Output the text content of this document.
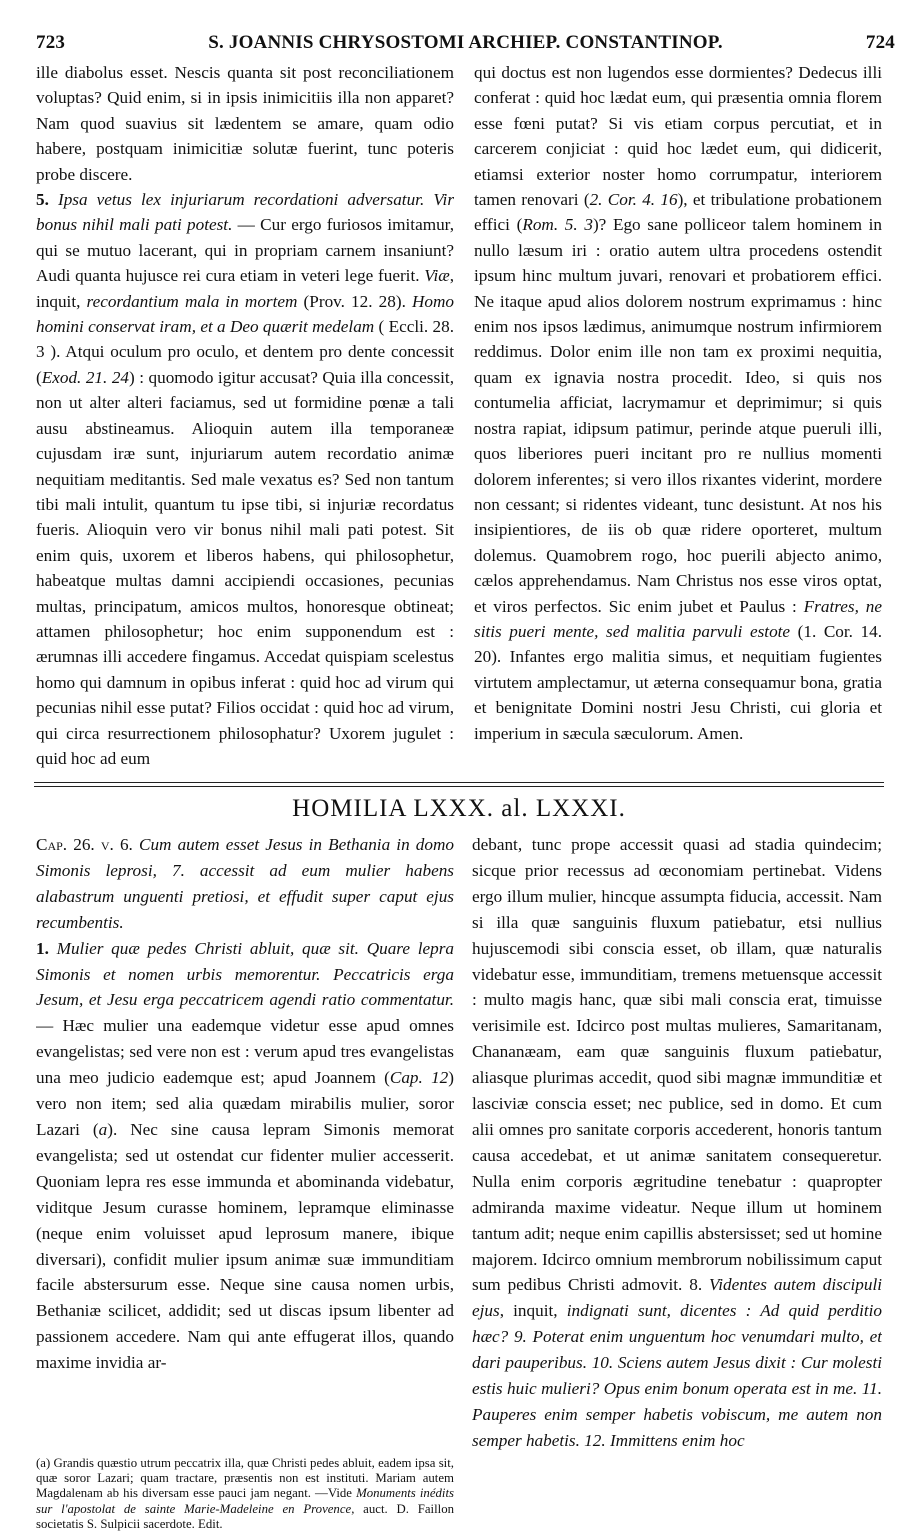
723	S. JOANNIS CHRYSOSTOMI ARCHIEP. CONSTANTINOP.	724

ille diabolus esset. Nescis quanta sit post reconciliationem voluptas? Quid enim, si in ipsis inimicitiis illa non apparet? Nam quod suavius sit lædentem se amare, quam odio habere, postquam inimicitiæ solutæ fuerint, tunc poteris probe discere.

5. Ipsa vetus lex injuriarum recordationi adversatur. Vir bonus nihil mali pati potest. — Cur ergo furiosos imitamur, qui se mutuo lacerant, qui in propriam carnem insaniunt? Audi quanta hujusce rei cura etiam in veteri lege fuerit. Viæ, inquit, recordantium mala in mortem (Prov. 12. 28). Homo homini conservat iram, et a Deo quærit medelam ( Eccli. 28. 3 ). Atqui oculum pro oculo, et dentem pro dente concessit (Exod. 21. 24) : quomodo igitur accusat? Quia illa concessit, non ut alter alteri faciamus, sed ut formidine pœnæ a tali ausu abstineamus. Alioquin autem illa temporaneæ cujusdam iræ sunt, injuriarum autem recordatio animæ nequitiam meditantis. Sed male vexatus es? Sed non tantum tibi mali intulit, quantum tu ipse tibi, si injuriæ recordatus fueris. Alioquin vero vir bonus nihil mali pati potest. Sit enim quis, uxorem et liberos habens, qui philosophetur, habeatque multas damni accipiendi occasiones, pecunias multas, principatum, amicos multos, honoresque obtineat; attamen philosophetur; hoc enim supponendum est : ærumnas illi accedere fingamus. Accedat quispiam scelestus homo qui damnum in opibus inferat : quid hoc ad virum qui pecunias nihil esse putat? Filios occidat : quid hoc ad virum, qui circa resurrectionem philosophatur? Uxorem jugulet : quid hoc ad eum

qui doctus est non lugendos esse dormientes? Dedecus illi conferat : quid hoc lædat eum, qui præsentia omnia florem esse fœni putat? Si vis etiam corpus percutiat, et in carcerem conjiciat : quid hoc lædet eum, qui didicerit, etiamsi exterior noster homo corrumpatur, interiorem tamen renovari (2. Cor. 4. 16), et tribulatione probationem effici (Rom. 5. 3)? Ego sane polliceor talem hominem in nullo læsum iri : oratio autem ultra procedens ostendit ipsum hinc multum juvari, renovari et probatiorem effici. Ne itaque apud alios dolorem nostrum exprimamus : hinc enim nos ipsos lædimus, animumque nostrum infirmiorem reddimus. Dolor enim ille non tam ex proximi nequitia, quam ex ignavia nostra procedit. Ideo, si quis nos contumelia afficiat, lacrymamur et deprimimur; si quis nostra rapiat, idipsum patimur, perinde atque pueruli illi, quos liberiores pueri incitant pro re nullius momenti dolorem inferentes; si vero illos rixantes viderint, mordere non cessant; si ridentes videant, tunc desistunt. At nos his insipientiores, de iis ob quæ ridere oporteret, multum dolemus. Quamobrem rogo, hoc puerili abjecto animo, cælos apprehendamus. Nam Christus nos esse viros optat, et viros perfectos. Sic enim jubet et Paulus : Fratres, ne sitis pueri mente, sed malitia parvuli estote (1. Cor. 14. 20). Infantes ergo malitia simus, et nequitiam fugientes virtutem amplectamur, ut æterna consequamur bona, gratia et benignitate Domini nostri Jesu Christi, cui gloria et imperium in sæcula sæculorum. Amen.

HOMILIA LXXX. al. LXXXI.

Cap. 26. v. 6. Cum autem esset Jesus in Bethania in domo Simonis leprosi, 7. accessit ad eum mulier habens alabastrum unguenti pretiosi, et effudit super caput ejus recumbentis.

1. Mulier quæ pedes Christi abluit, quæ sit. Quare lepra Simonis et nomen urbis memorentur. Peccatricis erga Jesum, et Jesu erga peccatricem agendi ratio commentatur. — Hæc mulier una eademque videtur esse apud omnes evangelistas; sed vere non est : verum apud tres evangelistas una meo judicio eademque est; apud Joannem (Cap. 12) vero non item; sed alia quædam mirabilis mulier, soror Lazari (a). Nec sine causa lepram Simonis memorat evangelista; sed ut ostendat cur fidenter mulier accesserit. Quoniam lepra res esse immunda et abominanda videbatur, viditque Jesum curasse hominem, lepramque eliminasse (neque enim voluisset apud leprosum manere, ibique diversari), confidit mulier ipsum animæ suæ immunditiam facile abstersurum esse. Neque sine causa nomen urbis, Bethaniæ scilicet, addidit; sed ut discas ipsum libenter ad passionem accedere. Nam qui ante effugerat illos, quando maxime invidia ar-

(a) Grandis quæstio utrum peccatrix illa, quæ Christi pedes abluit, eadem ipsa sit, quæ soror Lazari; quam tractare, præsentis non est instituti. Mariam autem Magdalenam ab his diversam esse pauci jam negant. —Vide Monuments inédits sur l'apostolat de sainte Marie-Madeleine en Provence, auct. D. Faillon societatis S. Sulpicii sacerdote. Edit.

debant, tunc prope accessit quasi ad stadia quindecim; sicque prior recessus ad œconomiam pertinebat. Videns ergo illum mulier, hincque assumpta fiducia, accessit. Nam si illa quæ sanguinis fluxum patiebatur, etsi nullius hujuscemodi sibi conscia esset, ob illam, quæ naturalis videbatur esse, immunditiam, tremens metuensque accessit : multo magis hanc, quæ sibi mali conscia erat, timuisse verisimile est. Idcirco post multas mulieres, Samaritanam, Chananæam, eam quæ sanguinis fluxum patiebatur, aliasque plurimas accedit, quod sibi magnæ immunditiæ et lasciviæ conscia esset; nec publice, sed in domo. Et cum alii omnes pro sanitate corporis accederent, honoris tantum causa accedebat, et ut animæ sanitatem consequeretur. Nulla enim corporis ægritudine tenebatur : quapropter admiranda maxime videatur. Neque illum ut hominem tantum adit; neque enim capillis abstersisset; sed ut homine majorem. Idcirco omnium membrorum nobilissimum caput sum pedibus Christi admovit. 8. Videntes autem discipuli ejus, inquit, indignati sunt, dicentes : Ad quid perditio hæc? 9. Poterat enim unguentum hoc venumdari multo, et dari pauperibus. 10. Sciens autem Jesus dixit : Cur molesti estis huic mulieri? Opus enim bonum operata est in me. 11. Pauperes enim semper habetis vobiscum, me autem non semper habetis. 12. Immittens enim hoc
